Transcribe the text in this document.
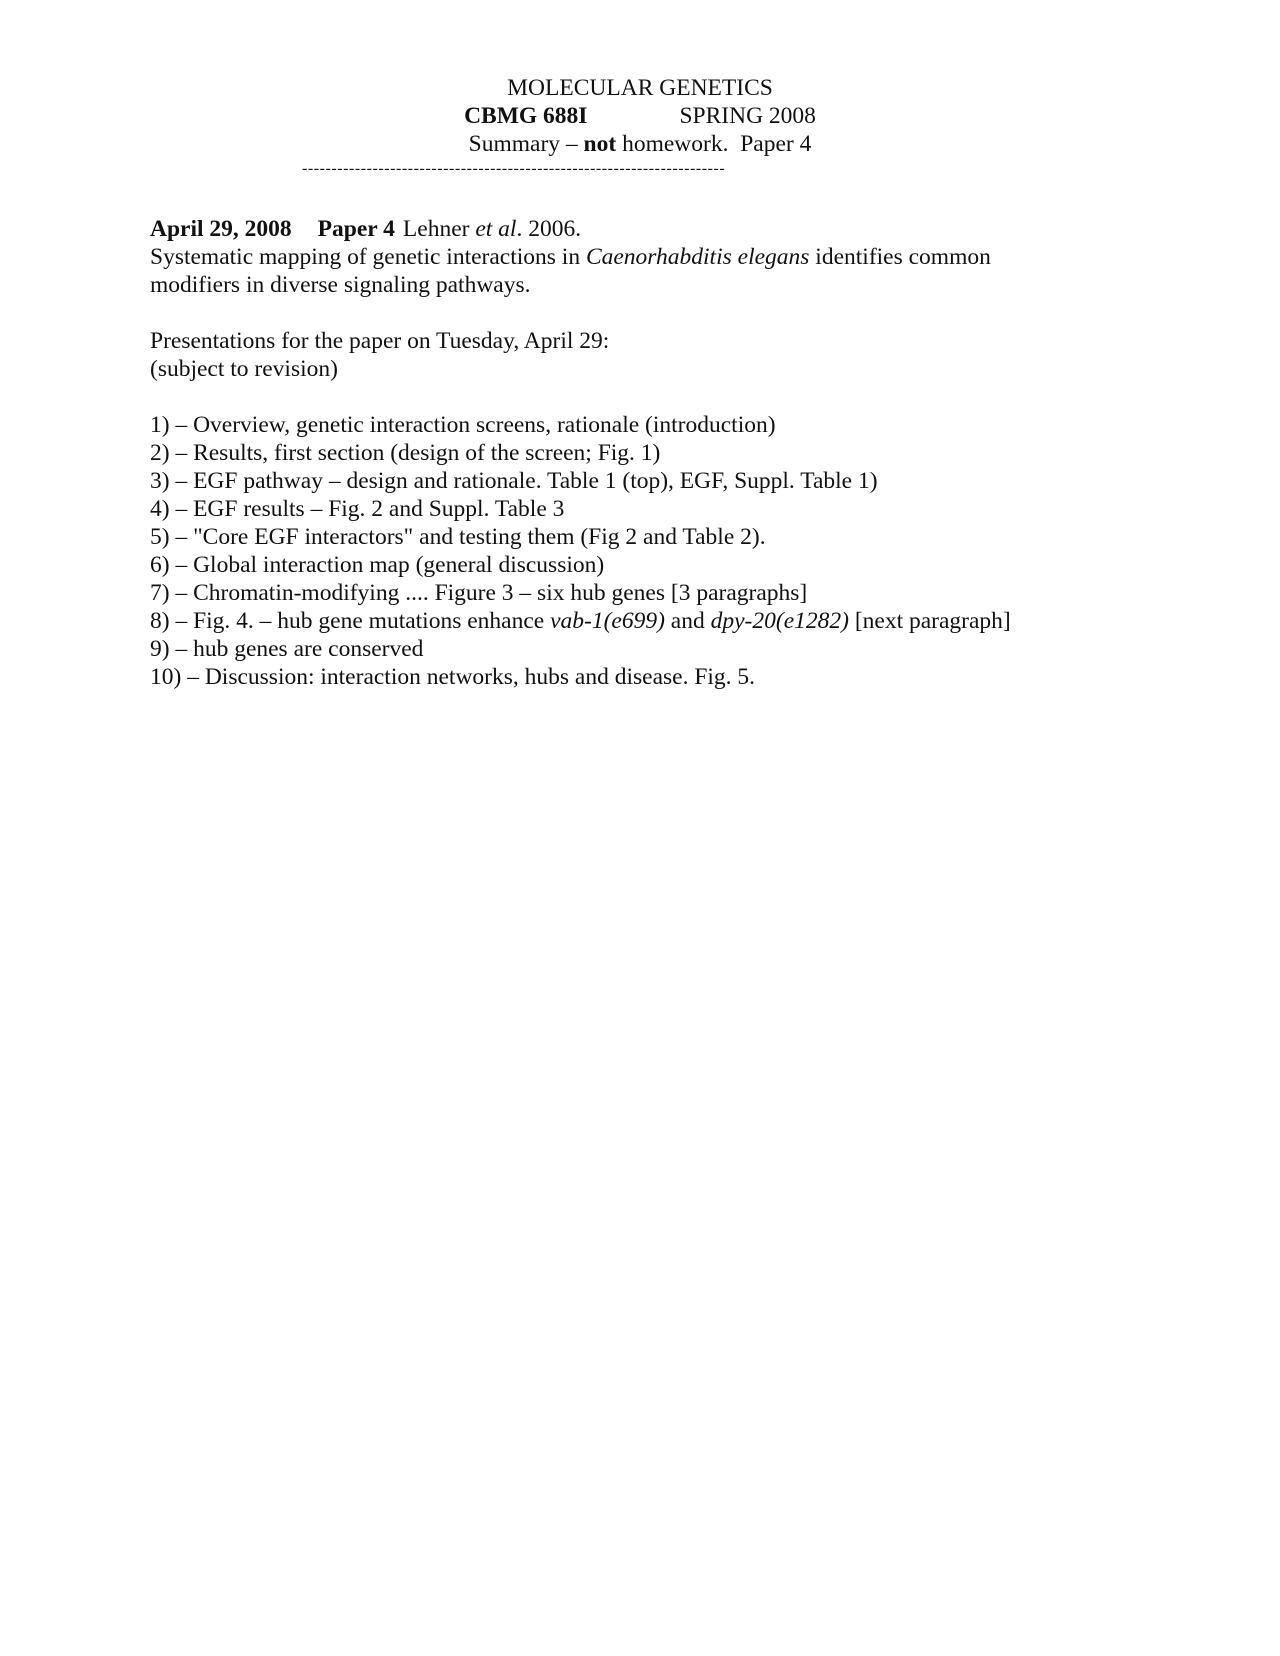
MOLECULAR GENETICS
CBMG 688I	SPRING 2008
Summary – not homework.  Paper 4
------------------------------------------------------------------------
April 29, 2008 Paper 4 Lehner et al. 2006.
Systematic mapping of genetic interactions in Caenorhabditis elegans identifies common
modifiers in diverse signaling pathways.
Presentations for the paper on Tuesday, April 29:
(subject to revision)
1) – Overview, genetic interaction screens, rationale (introduction)
2) – Results, first section (design of the screen; Fig. 1)
3) – EGF pathway – design and rationale. Table 1 (top), EGF, Suppl. Table 1)
4) – EGF results – Fig. 2 and Suppl. Table 3
5) – "Core EGF interactors" and testing them (Fig 2 and Table 2).
6) – Global interaction map (general discussion)
7) – Chromatin-modifying .... Figure 3 – six hub genes [3 paragraphs]
8) – Fig. 4. – hub gene mutations enhance vab-1(e699) and dpy-20(e1282) [next paragraph]
9) – hub genes are conserved
10) – Discussion: interaction networks, hubs and disease. Fig. 5.
